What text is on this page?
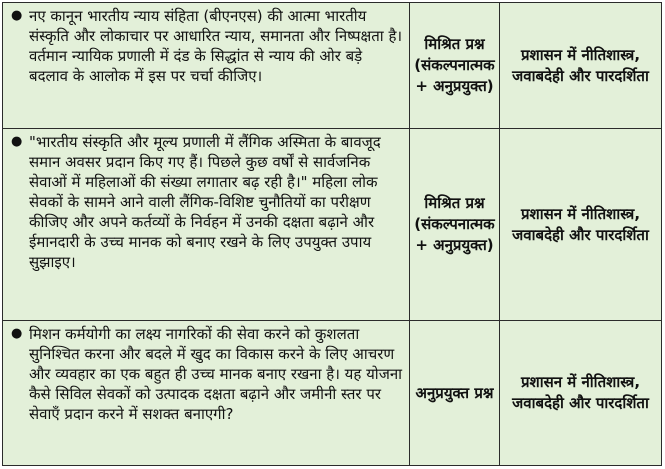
● नए कानून भारतीय न्याय संहिता (बीएनएस) की आत्मा भारतीय संस्कृति और लोकाचार पर आधारित न्याय, समानता और निष्पक्षता है। वर्तमान न्यायिक प्रणाली में दंड के सिद्धांत से न्याय की ओर बड़े बदलाव के आलोक में इस पर चर्चा कीजिए।	मिश्रित प्रश्न (संकल्पनात्मक + अनुप्रयुक्त)	प्रशासन में नीतिशास्त्र, जवाबदेही और पारदर्शिता

● "भारतीय संस्कृति और मूल्य प्रणाली में लैंगिक अस्मिता के बावजूद समान अवसर प्रदान किए गए हैं। पिछले कुछ वर्षों से सार्वजनिक सेवाओं में महिलाओं की संख्या लगातार बढ़ रही है।" महिला लोक सेवकों के सामने आने वाली लैंगिक-विशिष्ट चुनौतियों का परीक्षण कीजिए और अपने कर्तव्यों के निर्वहन में उनकी दक्षता बढ़ाने और ईमानदारी के उच्च मानक को बनाए रखने के लिए उपयुक्त उपाय सुझाइए।	मिश्रित प्रश्न (संकल्पनात्मक + अनुप्रयुक्त)	प्रशासन में नीतिशास्त्र, जवाबदेही और पारदर्शिता

● मिशन कर्मयोगी का लक्ष्य नागरिकों की सेवा करने को कुशलता सुनिश्चित करना और बदले में खुद का विकास करने के लिए आचरण और व्यवहार का एक बहुत ही उच्च मानक बनाए रखना है। यह योजना कैसे सिविल सेवकों को उत्पादक दक्षता बढ़ाने और जमीनी स्तर पर सेवाएँ प्रदान करने में सशक्त बनाएगी?	अनुप्रयुक्त प्रश्न	प्रशासन में नीतिशास्त्र, जवाबदेही और पारदर्शिता
